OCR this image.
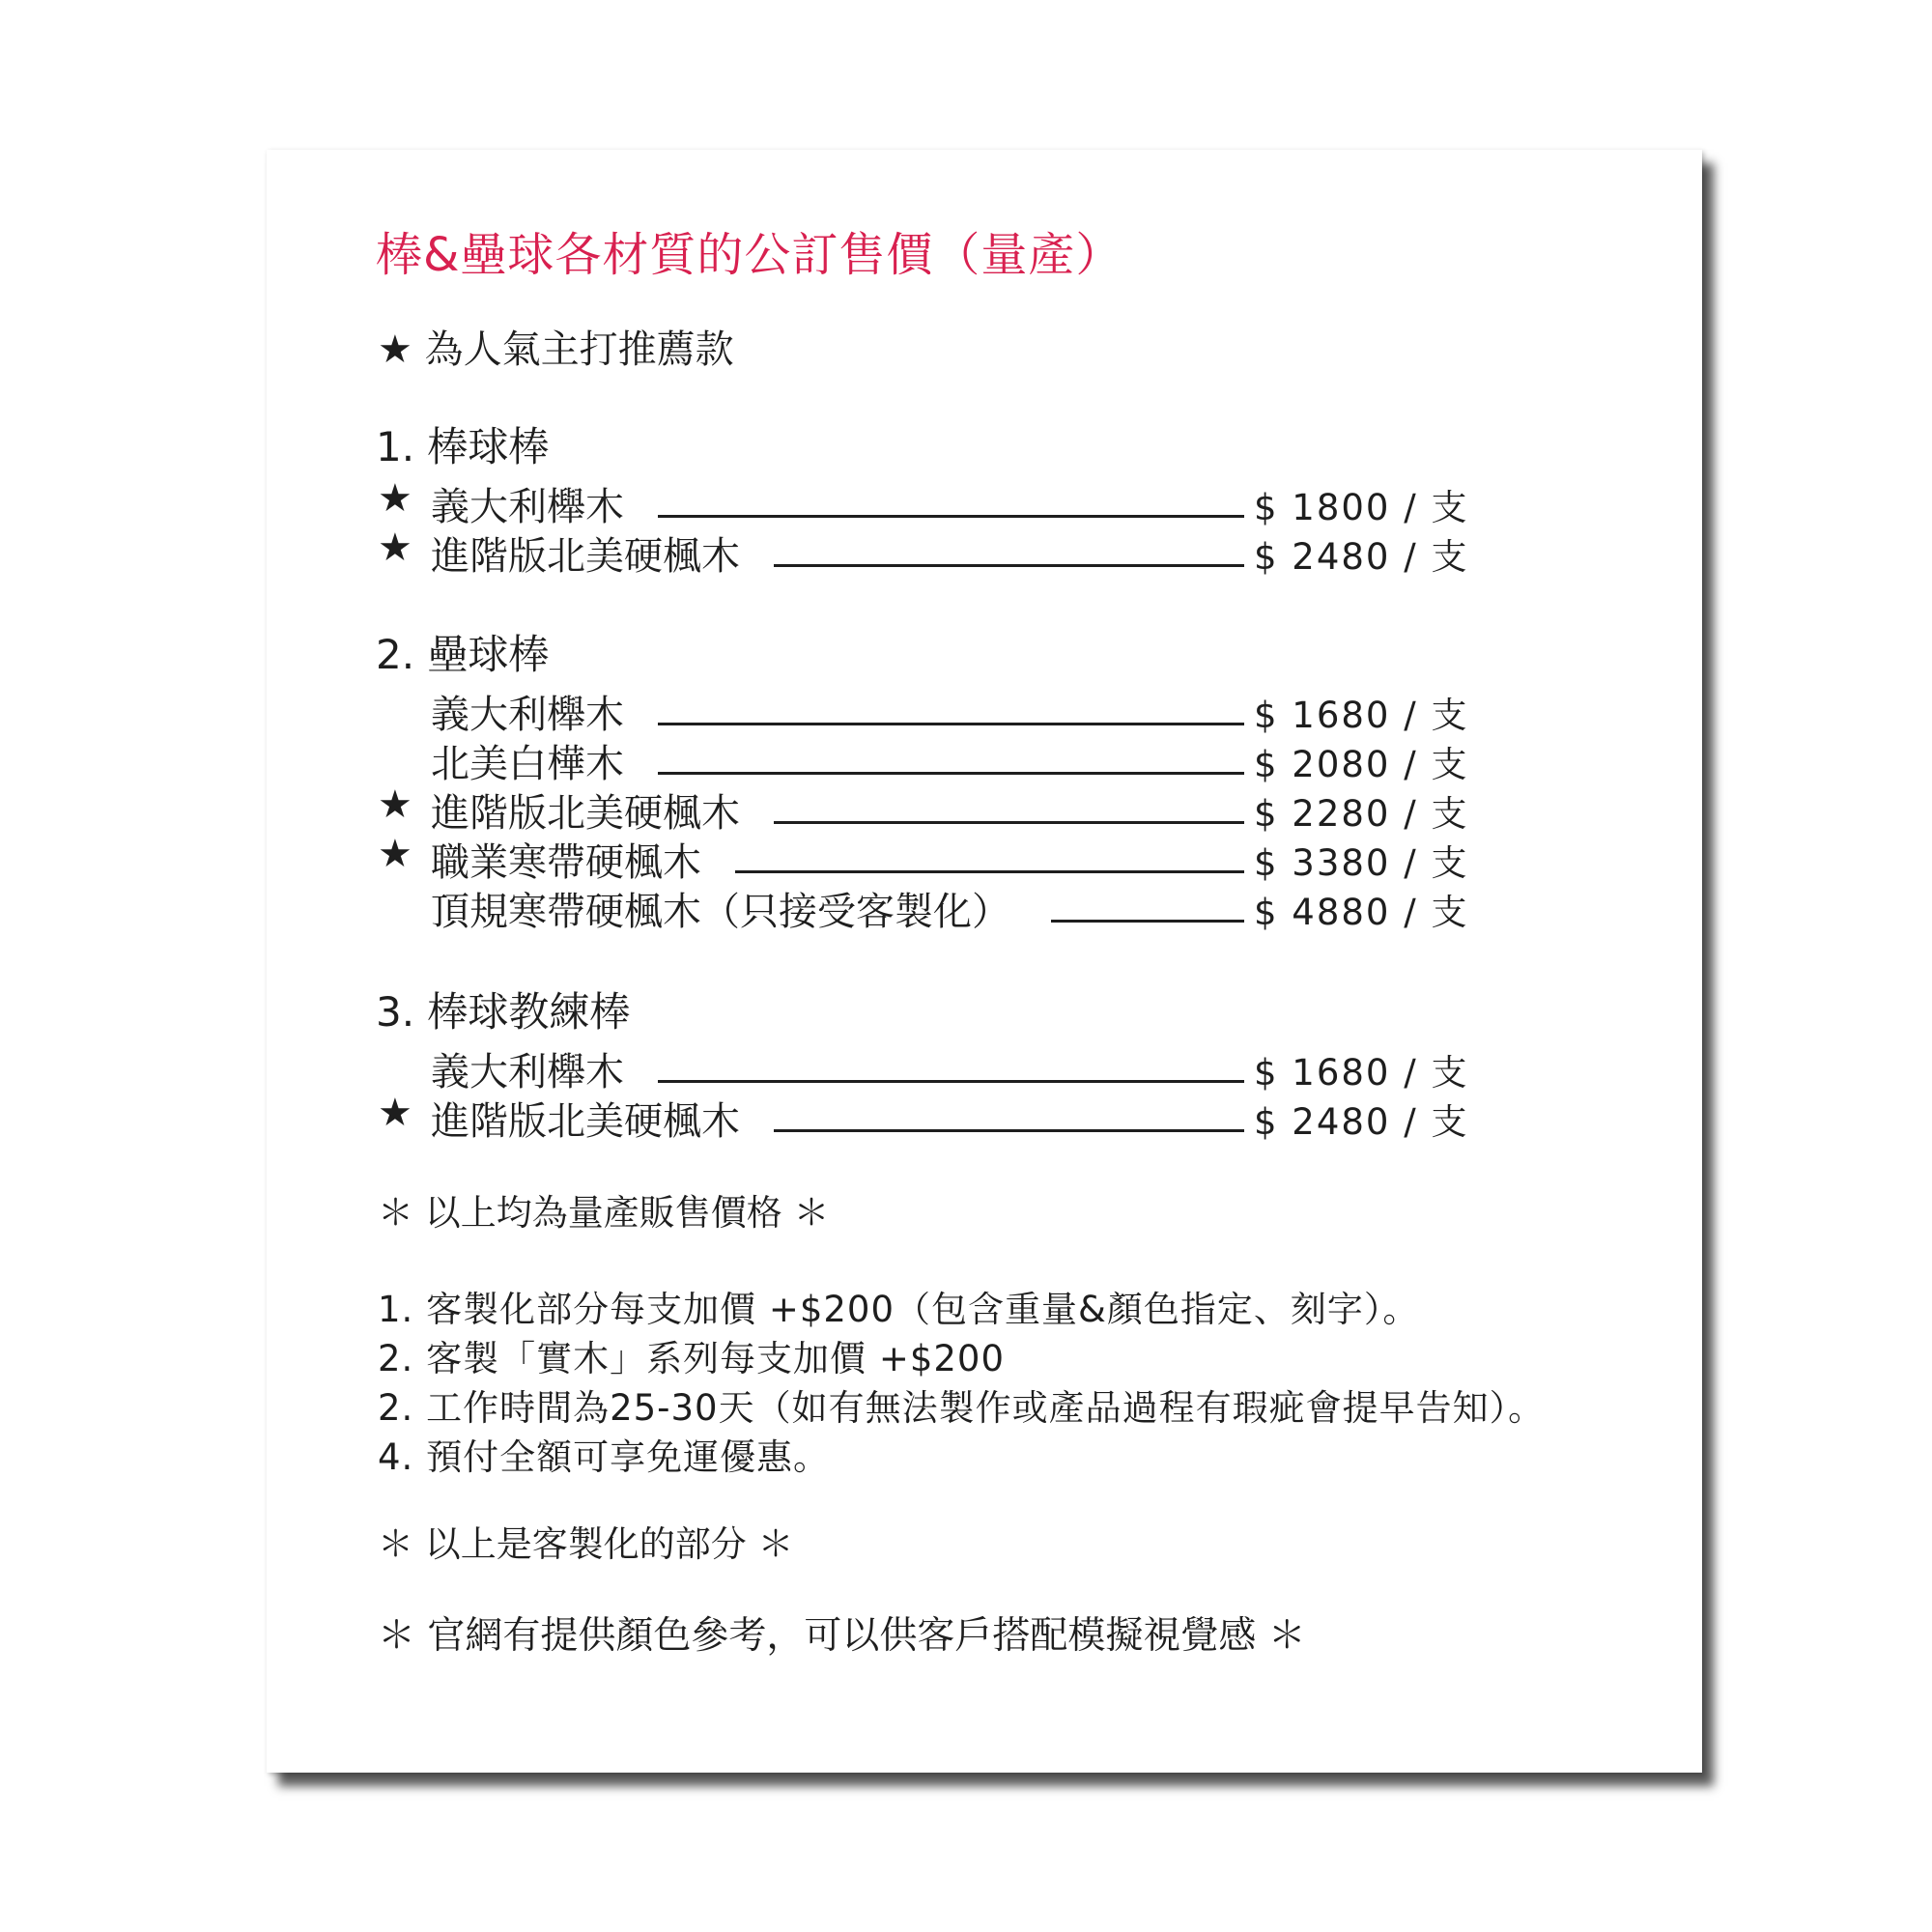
棒&壘球各材質的公訂售價（量產）
★ 為人氣主打推薦款
1. 棒球棒
★ 義大利櫸木	$ 1800 / 支
★ 進階版北美硬楓木	$ 2480 / 支
2. 壘球棒
義大利櫸木	$ 1680 / 支
北美白樺木	$ 2080 / 支
★ 進階版北美硬楓木	$ 2280 / 支
★ 職業寒帶硬楓木	$ 3380 / 支
頂規寒帶硬楓木（只接受客製化）	$ 4880 / 支
3. 棒球教練棒
義大利櫸木	$ 1680 / 支
★ 進階版北美硬楓木	$ 2480 / 支
＊ 以上均為量產販售價格 ＊
1. 客製化部分每支加價 +$200（包含重量&顏色指定、刻字）。
2. 客製「實木」系列每支加價 +$200
2. 工作時間為25-30天（如有無法製作或產品過程有瑕疵會提早告知）。
4. 預付全額可享免運優惠。
＊ 以上是客製化的部分 ＊
＊ 官網有提供顏色參考，可以供客戶搭配模擬視覺感 ＊
